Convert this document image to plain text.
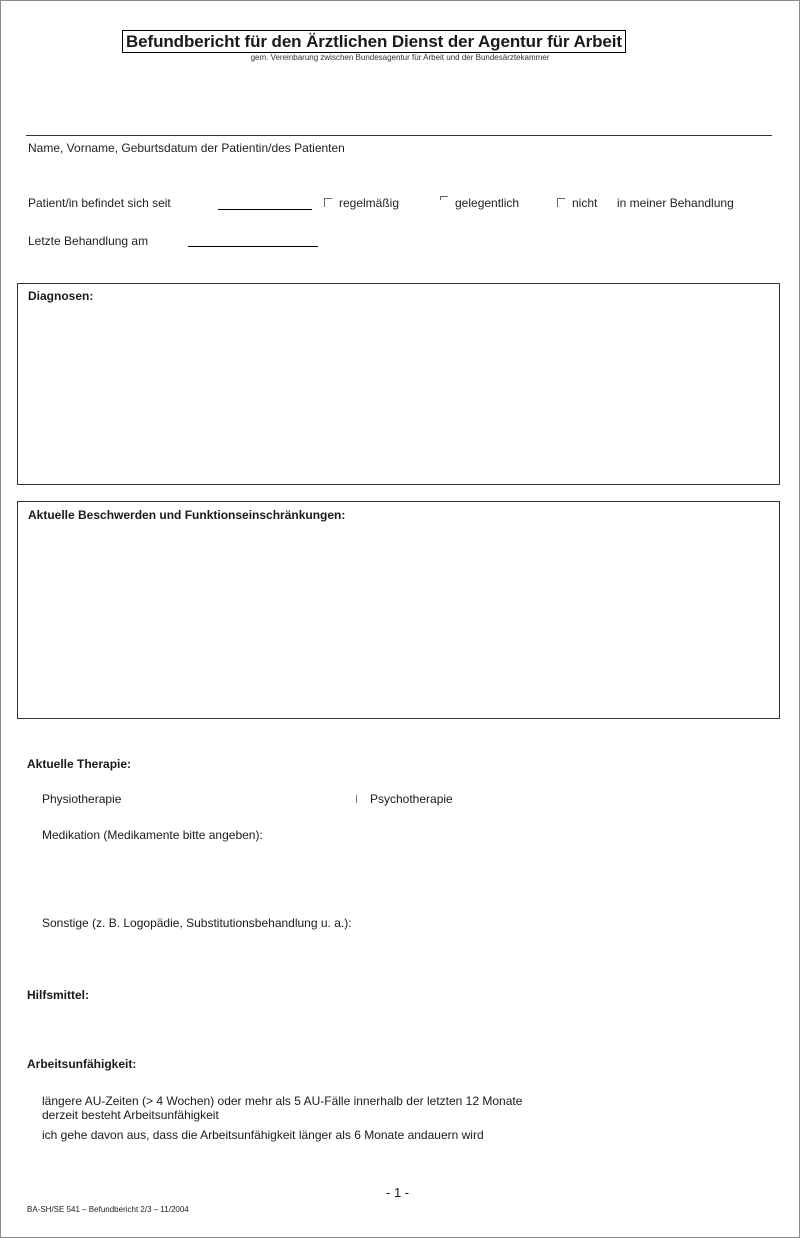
Befundbericht für den Ärztlichen Dienst der Agentur für Arbeit
gem. Vereinbarung zwischen Bundesagentur für Arbeit und der Bundesärztekammer
Name, Vorname, Geburtsdatum der Patientin/des Patienten
Patient/in befindet sich seit	regelmäßig	gelegentlich	nicht in meiner Behandlung
Letzte Behandlung am
Diagnosen:
Aktuelle Beschwerden und Funktionseinschränkungen:
Aktuelle Therapie:
Physiotherapie	Psychotherapie
Medikation (Medikamente bitte angeben):
Sonstige (z. B. Logopädie, Substitutionsbehandlung u. a.):
Hilfsmittel:
Arbeitsunfähigkeit:
längere AU-Zeiten (> 4 Wochen) oder mehr als 5 AU-Fälle innerhalb der letzten 12 Monate
derzeit besteht Arbeitsunfähigkeit
ich gehe davon aus, dass die Arbeitsunfähigkeit länger als 6 Monate andauern wird
- 1 -
BA-SH/SE 541 – Befundbericht 2/3 – 11/2004
